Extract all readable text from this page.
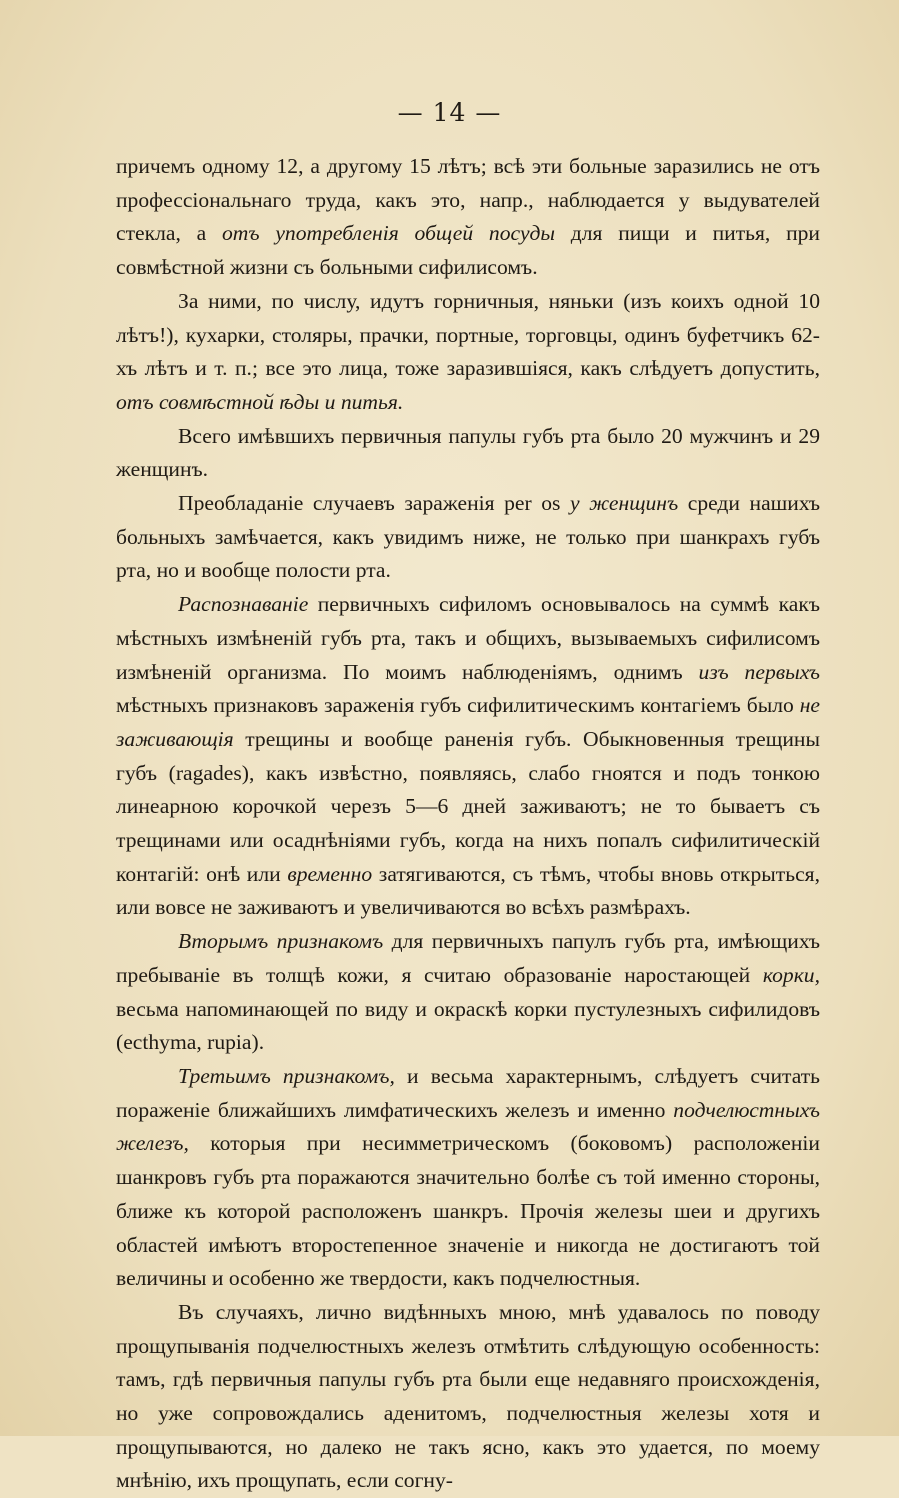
— 14 —

причемъ одному 12, а другому 15 лѣтъ; всѣ эти больные заразились не отъ профессіональнаго труда, какъ это, напр., наблюдается у выдувателей стекла, а отъ употребленія общей посуды для пищи и питья, при совмѣстной жизни съ больными сифилисомъ.

За ними, по числу, идутъ горничныя, няньки (изъ коихъ одной 10 лѣтъ!), кухарки, столяры, прачки, портные, торговцы, одинъ буфетчикъ 62-хъ лѣтъ и т. п.; все это лица, тоже заразившіяся, какъ слѣдуетъ допустить, отъ совмѣстной ѣды и питья.

Всего имѣвшихъ первичныя папулы губъ рта было 20 мужчинъ и 29 женщинъ.

Преобладаніе случаевъ зараженія per os у женщинъ среди нашихъ больныхъ замѣчается, какъ увидимъ ниже, не только при шанкрахъ губъ рта, но и вообще полости рта.

Распознаваніе первичныхъ сифиломъ основывалось на суммѣ какъ мѣстныхъ измѣненій губъ рта, такъ и общихъ, вызываемыхъ сифилисомъ измѣненій организма. По моимъ наблюденіямъ, однимъ изъ первыхъ мѣстныхъ признаковъ зараженія губъ сифилитическимъ контагіемъ было не заживающія трещины и вообще раненія губъ. Обыкновенныя трещины губъ (ragades), какъ извѣстно, появляясь, слабо гноятся и подъ тонкою линеарною корочкой черезъ 5—6 дней заживаютъ; не то бываетъ съ трещинами или осаднѣніями губъ, когда на нихъ попалъ сифилитическій контагій: онѣ или временно затягиваются, съ тѣмъ, чтобы вновь открыться, или вовсе не заживаютъ и увеличиваются во всѣхъ размѣрахъ.

Вторымъ признакомъ для первичныхъ папулъ губъ рта, имѣющихъ пребываніе въ толщѣ кожи, я считаю образованіе наростающей корки, весьма напоминающей по виду и окраскѣ корки пустулезныхъ сифилидовъ (ecthyma, rupia).

Третьимъ признакомъ, и весьма характернымъ, слѣдуетъ считать пораженіе ближайшихъ лимфатическихъ железъ и именно подчелюстныхъ железъ, которыя при несимметрическомъ (боковомъ) расположеніи шанкровъ губъ рта поражаются значительно болѣе съ той именно стороны, ближе къ которой расположенъ шанкръ. Прочія железы шеи и другихъ областей имѣютъ второстепенное значеніе и никогда не достигаютъ той величины и особенно же твердости, какъ подчелюстныя.

Въ случаяхъ, лично видѣнныхъ мною, мнѣ удавалось по поводу прощупыванія подчелюстныхъ железъ отмѣтить слѣдующую особенность: тамъ, гдѣ первичныя папулы губъ рта были еще недавняго происхожденія, но уже сопровождались аденитомъ, подчелюстныя железы хотя и прощупываются, но далеко не такъ ясно, какъ это удается, по моему мнѣнію, ихъ прощупать, если согну-
